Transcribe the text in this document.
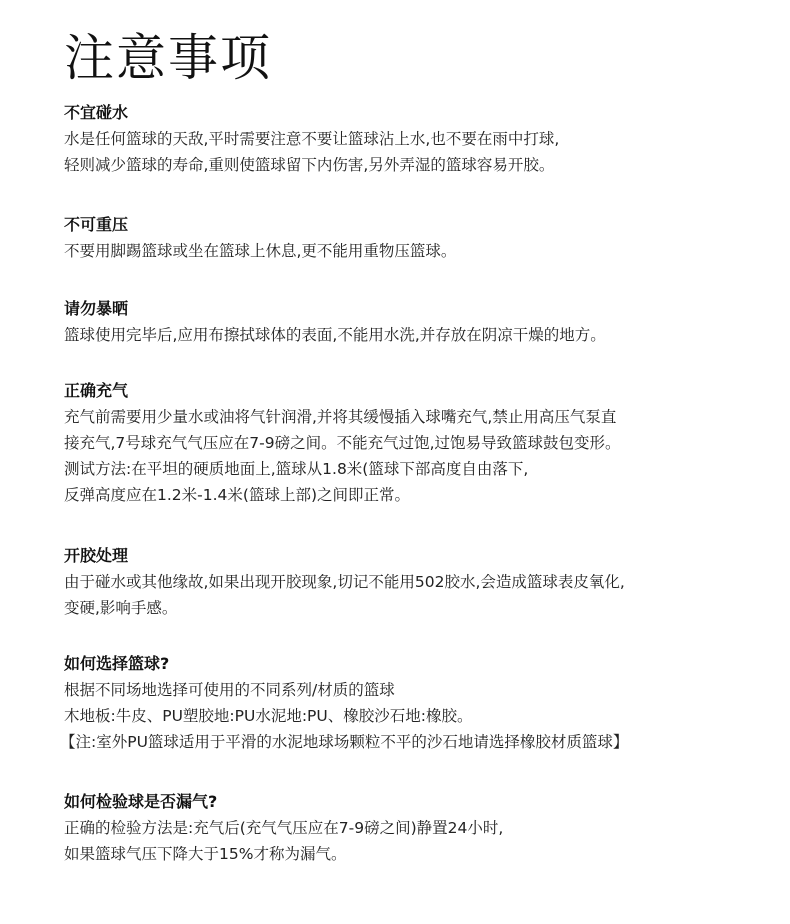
注意事项
不宜碰水
水是任何篮球的天敌,平时需要注意不要让篮球沾上水,也不要在雨中打球,
轻则减少篮球的寿命,重则使篮球留下内伤害,另外弄湿的篮球容易开胶。
不可重压
不要用脚踢篮球或坐在篮球上休息,更不能用重物压篮球。
请勿暴晒
篮球使用完毕后,应用布擦拭球体的表面,不能用水洗,并存放在阴凉干燥的地方。
正确充气
充气前需要用少量水或油将气针润滑,并将其缓慢插入球嘴充气,禁止用高压气泵直
接充气,7号球充气气压应在7-9磅之间。不能充气过饱,过饱易导致篮球鼓包变形。
测试方法:在平坦的硬质地面上,篮球从1.8米(篮球下部高度自由落下,
反弹高度应在1.2米-1.4米(篮球上部)之间即正常。
开胶处理
由于碰水或其他缘故,如果出现开胶现象,切记不能用502胶水,会造成篮球表皮氧化,
变硬,影响手感。
如何选择篮球?
根据不同场地选择可使用的不同系列/材质的篮球
木地板:牛皮、PU塑胶地:PU水泥地:PU、橡胶沙石地:橡胶。
【注:室外PU篮球适用于平滑的水泥地球场颗粒不平的沙石地请选择橡胶材质篮球】
如何检验球是否漏气?
正确的检验方法是:充气后(充气气压应在7-9磅之间)静置24小时,
如果篮球气压下降大于15%才称为漏气。
